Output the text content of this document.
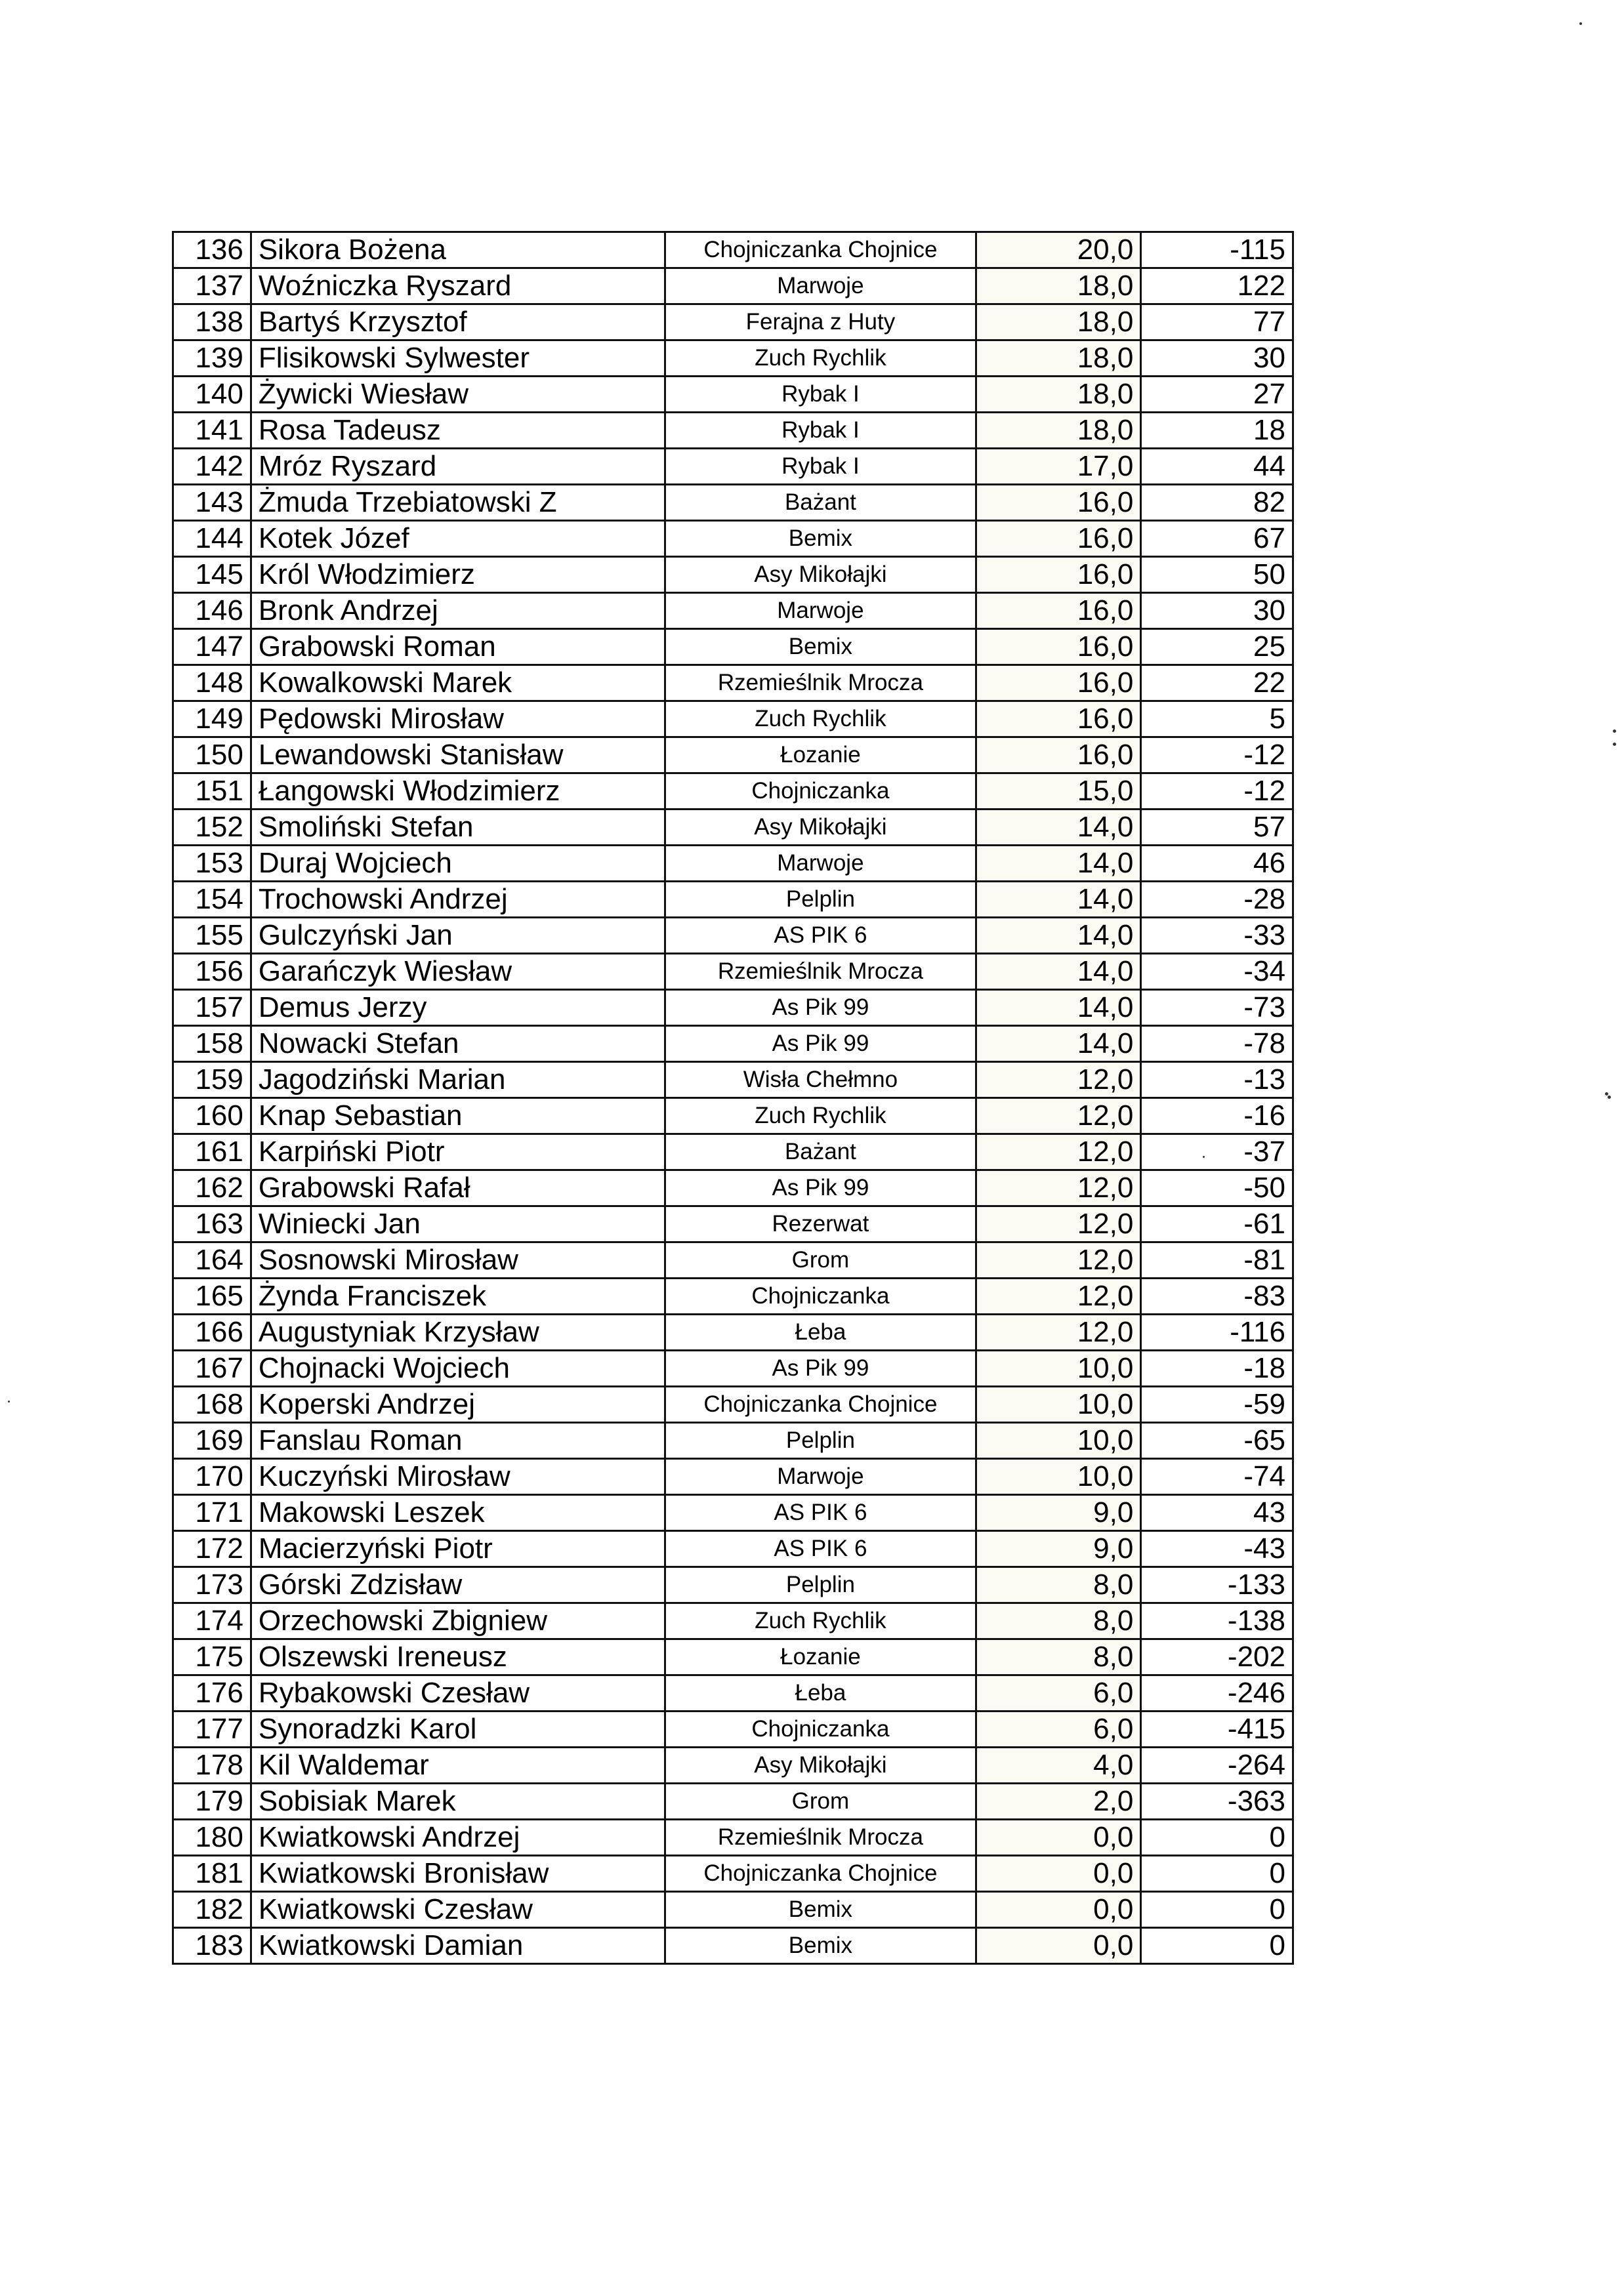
136	Sikora Bożena	Chojniczanka Chojnice	20,0	-115
137	Woźniczka Ryszard	Marwoje	18,0	122
138	Bartyś Krzysztof	Ferajna z Huty	18,0	77
139	Flisikowski Sylwester	Zuch Rychlik	18,0	30
140	Żywicki Wiesław	Rybak I	18,0	27
141	Rosa Tadeusz	Rybak I	18,0	18
142	Mróz Ryszard	Rybak I	17,0	44
143	Żmuda Trzebiatowski Z	Bażant	16,0	82
144	Kotek Józef	Bemix	16,0	67
145	Król Włodzimierz	Asy Mikołajki	16,0	50
146	Bronk Andrzej	Marwoje	16,0	30
147	Grabowski Roman	Bemix	16,0	25
148	Kowalkowski Marek	Rzemieślnik Mrocza	16,0	22
149	Pędowski Mirosław	Zuch Rychlik	16,0	5
150	Lewandowski Stanisław	Łozanie	16,0	-12
151	Łangowski Włodzimierz	Chojniczanka	15,0	-12
152	Smoliński Stefan	Asy Mikołajki	14,0	57
153	Duraj Wojciech	Marwoje	14,0	46
154	Trochowski Andrzej	Pelplin	14,0	-28
155	Gulczyński Jan	AS PIK 6	14,0	-33
156	Garańczyk Wiesław	Rzemieślnik Mrocza	14,0	-34
157	Demus Jerzy	As Pik 99	14,0	-73
158	Nowacki Stefan	As Pik 99	14,0	-78
159	Jagodziński Marian	Wisła Chełmno	12,0	-13
160	Knap Sebastian	Zuch Rychlik	12,0	-16
161	Karpiński Piotr	Bażant	12,0	-37
162	Grabowski Rafał	As Pik 99	12,0	-50
163	Winiecki Jan	Rezerwat	12,0	-61
164	Sosnowski Mirosław	Grom	12,0	-81
165	Żynda Franciszek	Chojniczanka	12,0	-83
166	Augustyniak Krzysław	Łeba	12,0	-116
167	Chojnacki Wojciech	As Pik 99	10,0	-18
168	Koperski Andrzej	Chojniczanka Chojnice	10,0	-59
169	Fanslau Roman	Pelplin	10,0	-65
170	Kuczyński Mirosław	Marwoje	10,0	-74
171	Makowski Leszek	AS PIK 6	9,0	43
172	Macierzyński Piotr	AS PIK 6	9,0	-43
173	Górski Zdzisław	Pelplin	8,0	-133
174	Orzechowski Zbigniew	Zuch Rychlik	8,0	-138
175	Olszewski Ireneusz	Łozanie	8,0	-202
176	Rybakowski Czesław	Łeba	6,0	-246
177	Synoradzki Karol	Chojniczanka	6,0	-415
178	Kil Waldemar	Asy Mikołajki	4,0	-264
179	Sobisiak Marek	Grom	2,0	-363
180	Kwiatkowski Andrzej	Rzemieślnik Mrocza	0,0	0
181	Kwiatkowski Bronisław	Chojniczanka Chojnice	0,0	0
182	Kwiatkowski Czesław	Bemix	0,0	0
183	Kwiatkowski Damian	Bemix	0,0	0
